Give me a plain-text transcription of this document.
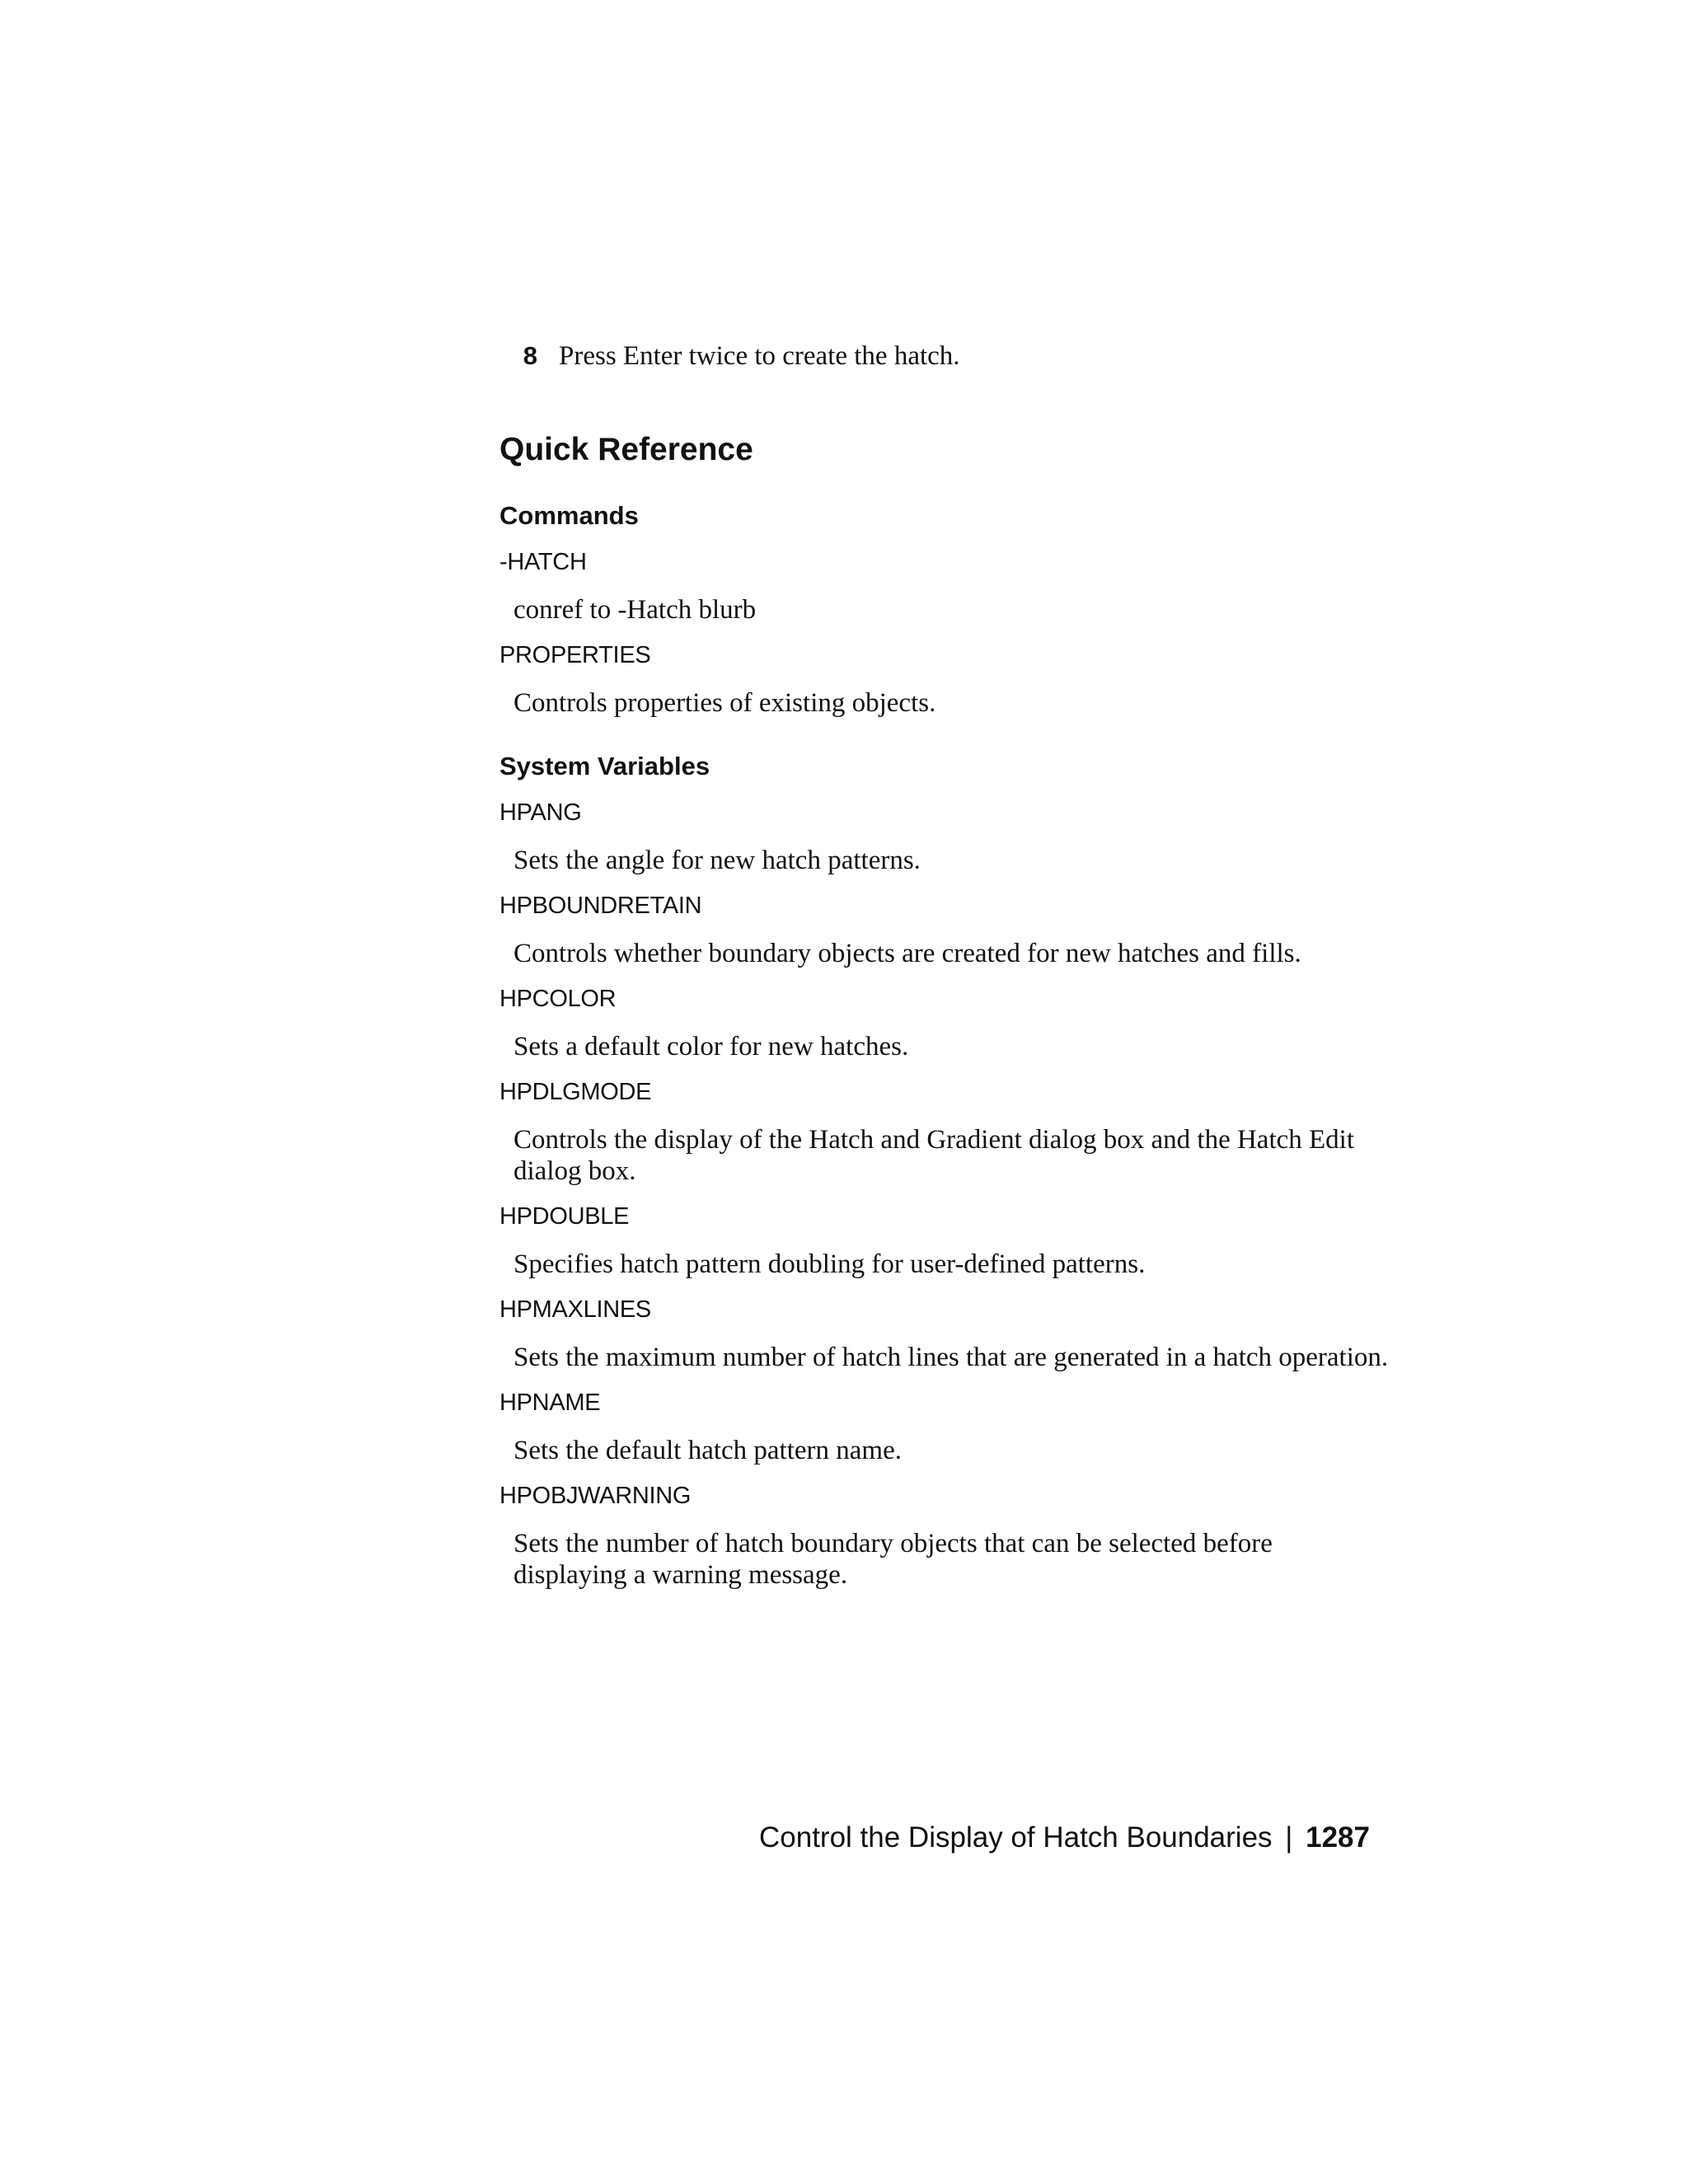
8 Press Enter twice to create the hatch.
Quick Reference
Commands
-HATCH
conref to -Hatch blurb
PROPERTIES
Controls properties of existing objects.
System Variables
HPANG
Sets the angle for new hatch patterns.
HPBOUNDRETAIN
Controls whether boundary objects are created for new hatches and fills.
HPCOLOR
Sets a default color for new hatches.
HPDLGMODE
Controls the display of the Hatch and Gradient dialog box and the Hatch Edit dialog box.
HPDOUBLE
Specifies hatch pattern doubling for user-defined patterns.
HPMAXLINES
Sets the maximum number of hatch lines that are generated in a hatch operation.
HPNAME
Sets the default hatch pattern name.
HPOBJWARNING
Sets the number of hatch boundary objects that can be selected before displaying a warning message.
Control the Display of Hatch Boundaries | 1287
